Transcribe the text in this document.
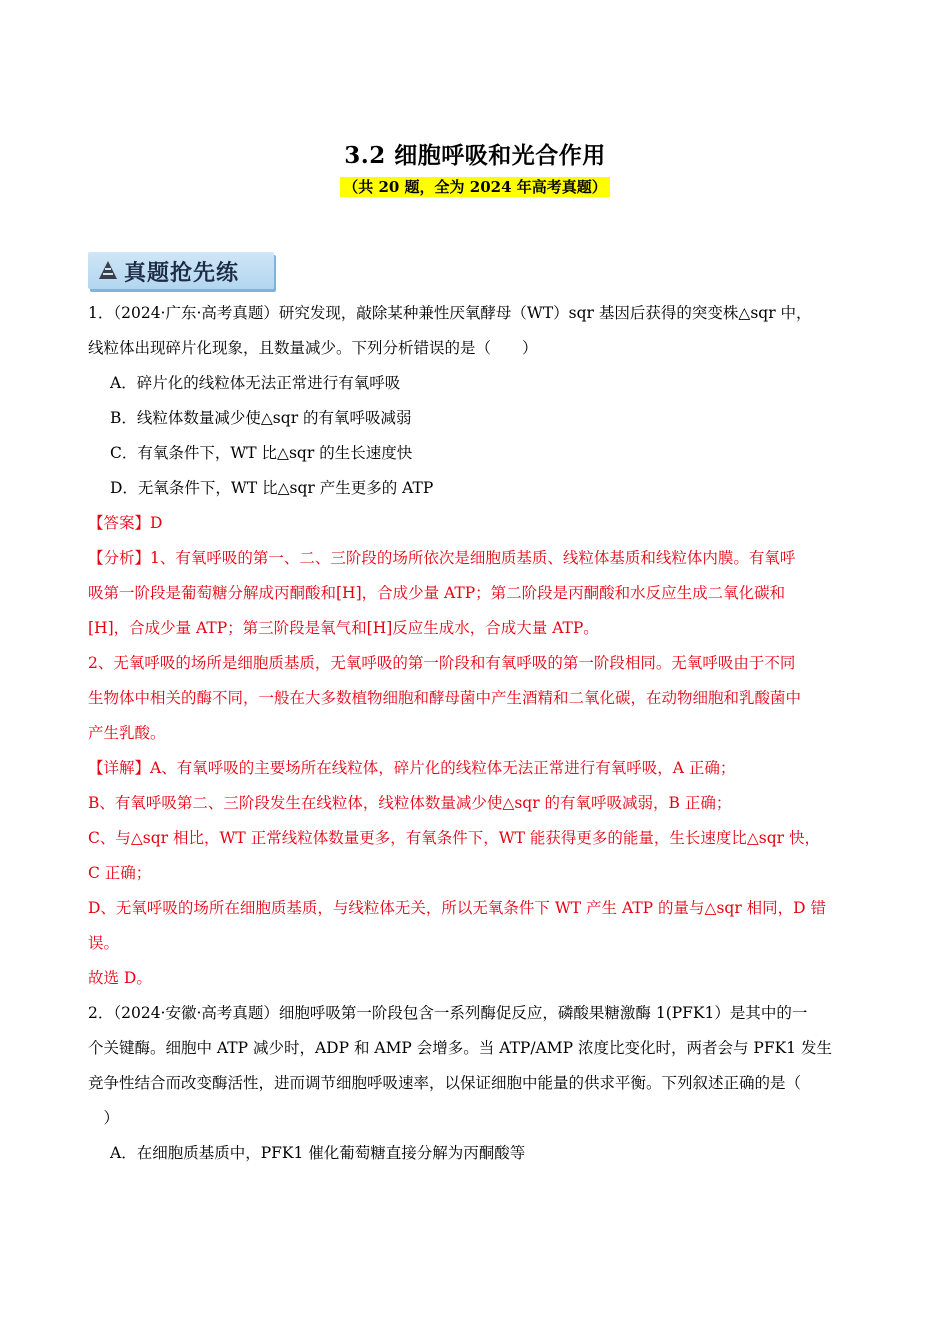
3.2 细胞呼吸和光合作用
（共 20 题，全为 2024 年高考真题）
真题抢先练
1．（2024·广东·高考真题）研究发现，敲除某种兼性厌氧酵母（WT）sqr 基因后获得的突变株△sqr 中，
线粒体出现碎片化现象，且数量减少。下列分析错误的是（　　）
A．碎片化的线粒体无法正常进行有氧呼吸
B．线粒体数量减少使△sqr 的有氧呼吸减弱
C．有氧条件下，WT 比△sqr 的生长速度快
D．无氧条件下，WT 比△sqr 产生更多的 ATP
【答案】D
【分析】1、有氧呼吸的第一、二、三阶段的场所依次是细胞质基质、线粒体基质和线粒体内膜。有氧呼
吸第一阶段是葡萄糖分解成丙酮酸和[H]，合成少量 ATP；第二阶段是丙酮酸和水反应生成二氧化碳和
[H]，合成少量 ATP；第三阶段是氧气和[H]反应生成水，合成大量 ATP。
2、无氧呼吸的场所是细胞质基质，无氧呼吸的第一阶段和有氧呼吸的第一阶段相同。无氧呼吸由于不同
生物体中相关的酶不同，一般在大多数植物细胞和酵母菌中产生酒精和二氧化碳，在动物细胞和乳酸菌中
产生乳酸。
【详解】A、有氧呼吸的主要场所在线粒体，碎片化的线粒体无法正常进行有氧呼吸，A 正确；
B、有氧呼吸第二、三阶段发生在线粒体，线粒体数量减少使△sqr 的有氧呼吸减弱，B 正确；
C、与△sqr 相比，WT 正常线粒体数量更多，有氧条件下，WT 能获得更多的能量，生长速度比△sqr 快，
C 正确；
D、无氧呼吸的场所在细胞质基质，与线粒体无关，所以无氧条件下 WT 产生 ATP 的量与△sqr 相同，D 错
误。
故选 D。
2．（2024·安徽·高考真题）细胞呼吸第一阶段包含一系列酶促反应，磷酸果糖激酶 1(PFK1）是其中的一
个关键酶。细胞中 ATP 减少时，ADP 和 AMP 会增多。当 ATP/AMP 浓度比变化时，两者会与 PFK1 发生
竞争性结合而改变酶活性，进而调节细胞呼吸速率，以保证细胞中能量的供求平衡。下列叙述正确的是（
　）
A．在细胞质基质中，PFK1 催化葡萄糖直接分解为丙酮酸等
